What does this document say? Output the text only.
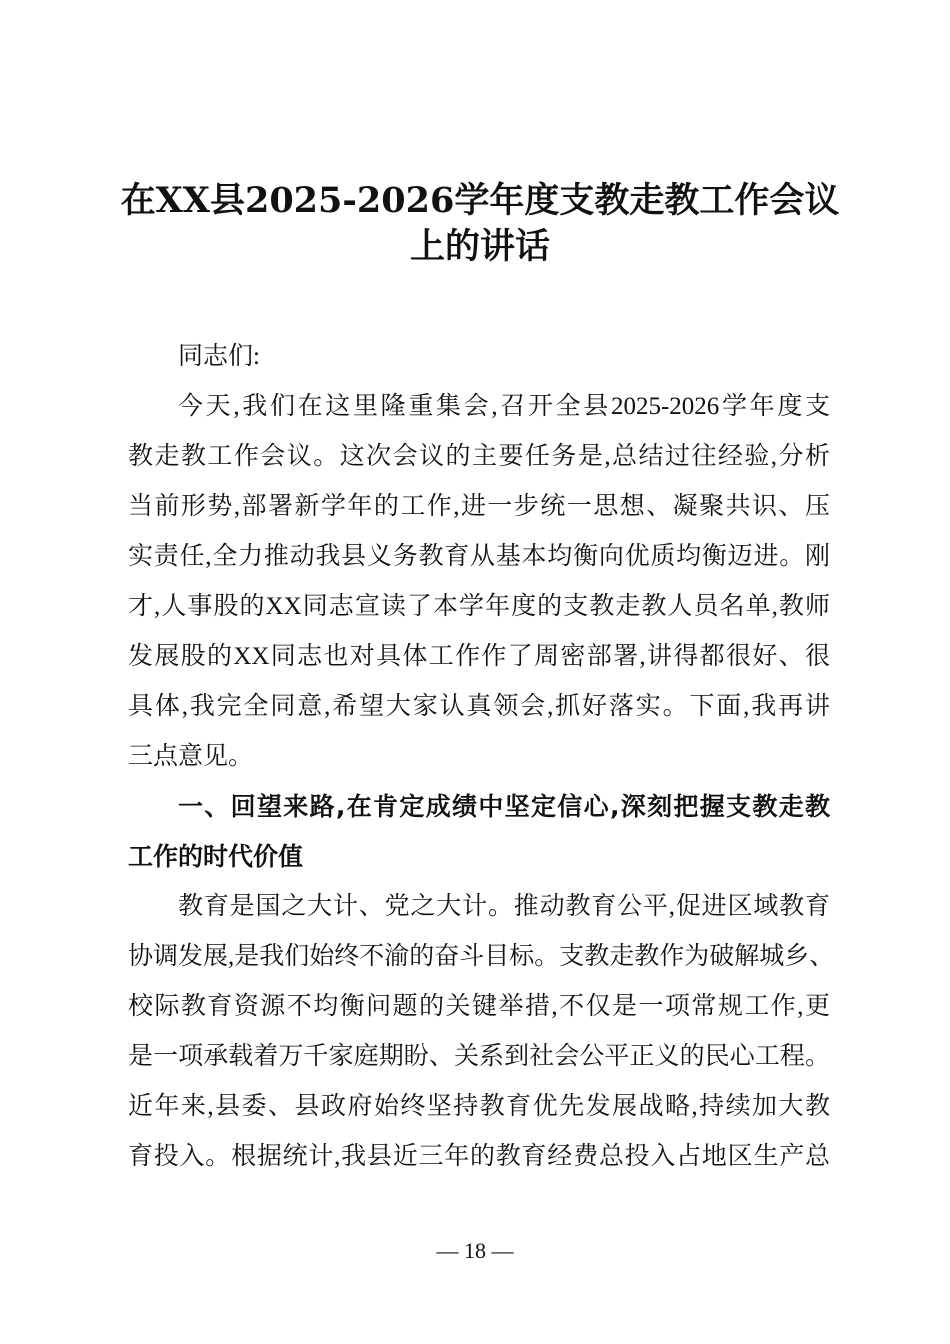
在XX县2025-2026学年度支教走教工作会议
上的讲话
同志们:
今天,我们在这里隆重集会,召开全县2025-2026学年度支
教走教工作会议。这次会议的主要任务是,总结过往经验,分析
当前形势,部署新学年的工作,进一步统一思想、凝聚共识、压
实责任,全力推动我县义务教育从基本均衡向优质均衡迈进。刚
才,人事股的XX同志宣读了本学年度的支教走教人员名单,教师
发展股的XX同志也对具体工作作了周密部署,讲得都很好、很
具体,我完全同意,希望大家认真领会,抓好落实。下面,我再讲
三点意见。
一、回望来路,在肯定成绩中坚定信心,深刻把握支教走教
工作的时代价值
教育是国之大计、党之大计。推动教育公平,促进区域教育
协调发展,是我们始终不渝的奋斗目标。支教走教作为破解城乡、
校际教育资源不均衡问题的关键举措,不仅是一项常规工作,更
是一项承载着万千家庭期盼、关系到社会公平正义的民心工程。
近年来,县委、县政府始终坚持教育优先发展战略,持续加大教
育投入。根据统计,我县近三年的教育经费总投入占地区生产总
— 18 —
